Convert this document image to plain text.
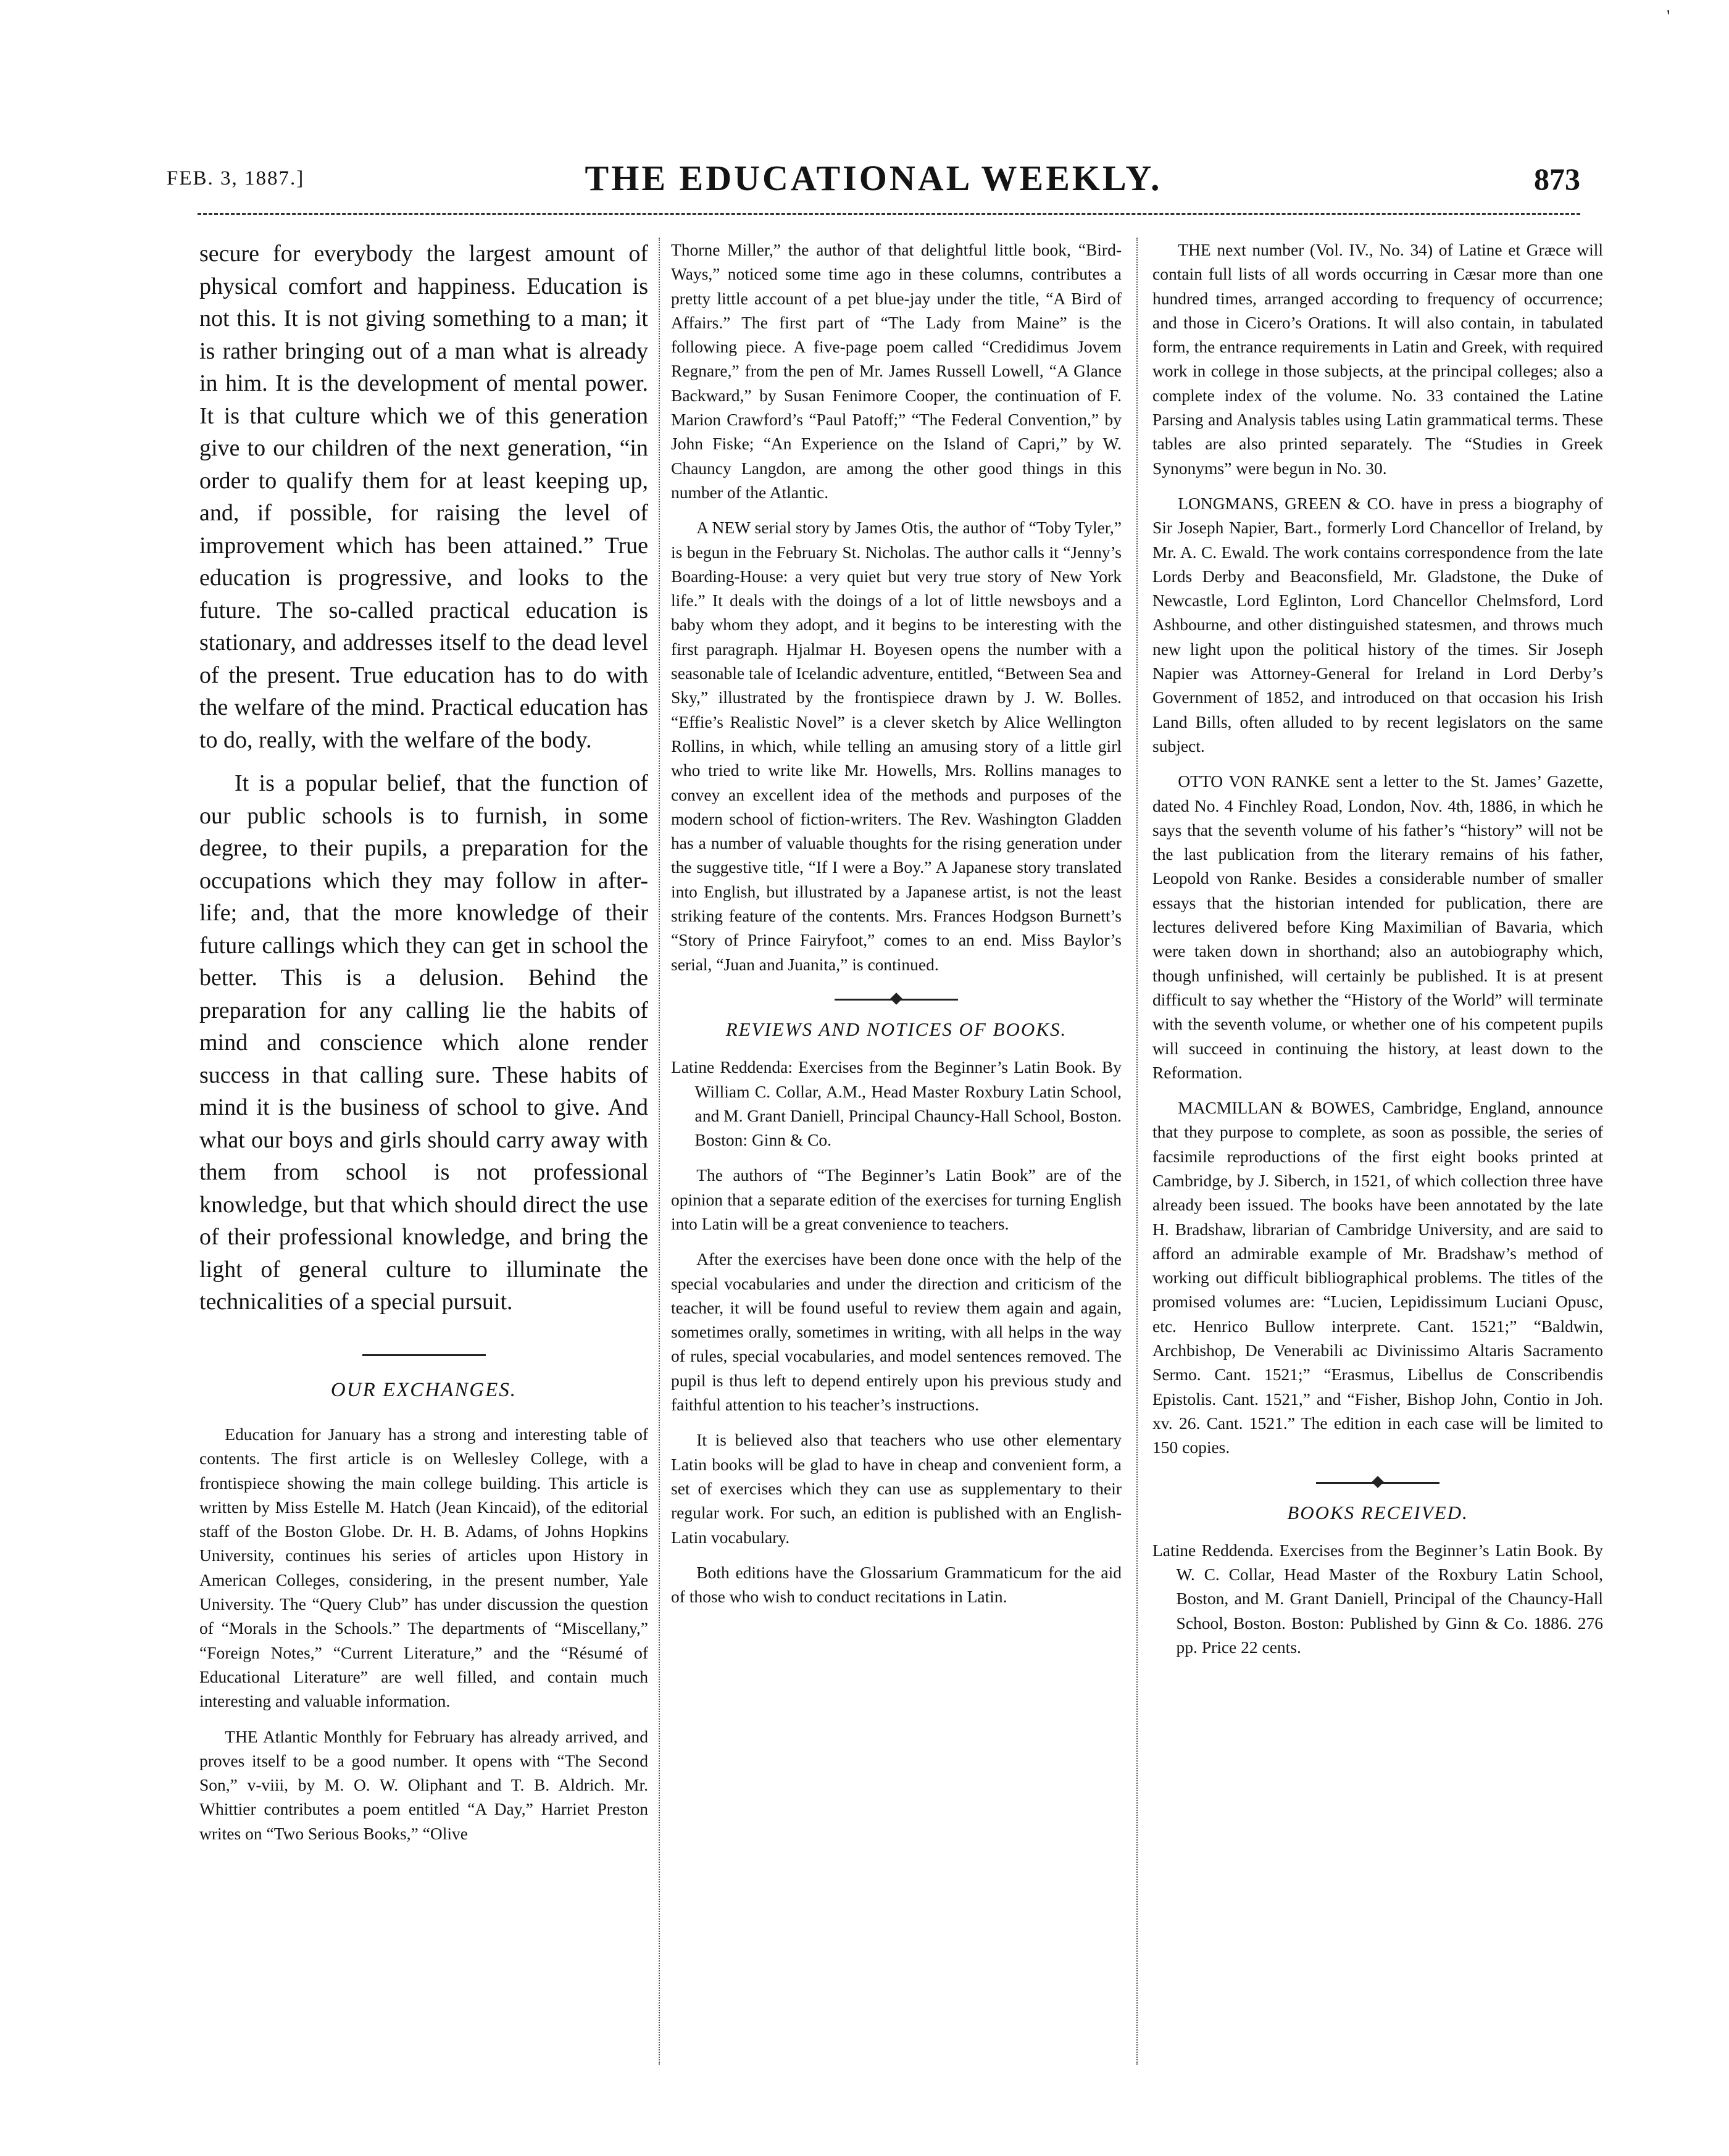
'
FEB. 3, 1887.]	THE EDUCATIONAL WEEKLY.	873

secure for everybody the largest amount of physical comfort and happiness. Education is not this. It is not giving something to a man; it is rather bringing out of a man what is already in him. It is the development of mental power. It is that culture which we of this generation give to our children of the next generation, “in order to qualify them for at least keeping up, and, if possible, for raising the level of improvement which has been attained.” True education is progressive, and looks to the future. The so-called practical education is stationary, and addresses itself to the dead level of the present. True education has to do with the welfare of the mind. Practical education has to do, really, with the welfare of the body.

It is a popular belief, that the function of our public schools is to furnish, in some degree, to their pupils, a preparation for the occupations which they may follow in after-life; and, that the more knowledge of their future callings which they can get in school the better. This is a delusion. Behind the preparation for any calling lie the habits of mind and conscience which alone render success in that calling sure. These habits of mind it is the business of school to give. And what our boys and girls should carry away with them from school is not professional knowledge, but that which should direct the use of their professional knowledge, and bring the light of general culture to illuminate the technicalities of a special pursuit.

OUR EXCHANGES.

Education for January has a strong and interesting table of contents. The first article is on Wellesley College, with a frontispiece showing the main college building. This article is written by Miss Estelle M. Hatch (Jean Kincaid), of the editorial staff of the Boston Globe. Dr. H. B. Adams, of Johns Hopkins University, continues his series of articles upon History in American Colleges, considering, in the present number, Yale University. The “Query Club” has under discussion the question of “Morals in the Schools.” The departments of “Miscellany,” “Foreign Notes,” “Current Literature,” and the “Résumé of Educational Literature” are well filled, and contain much interesting and valuable information.

THE Atlantic Monthly for February has already arrived, and proves itself to be a good number. It opens with “The Second Son,” v-viii, by M. O. W. Oliphant and T. B. Aldrich. Mr. Whittier contributes a poem entitled “A Day,” Harriet Preston writes on “Two Serious Books,” “Olive

Thorne Miller,” the author of that delightful little book, “Bird-Ways,” noticed some time ago in these columns, contributes a pretty little account of a pet blue-jay under the title, “A Bird of Affairs.” The first part of “The Lady from Maine” is the following piece. A five-page poem called “Credidimus Jovem Regnare,” from the pen of Mr. James Russell Lowell, “A Glance Backward,” by Susan Fenimore Cooper, the continuation of F. Marion Crawford’s “Paul Patoff;” “The Federal Convention,” by John Fiske; “An Experience on the Island of Capri,” by W. Chauncy Langdon, are among the other good things in this number of the Atlantic.

A NEW serial story by James Otis, the author of “Toby Tyler,” is begun in the February St. Nicholas. The author calls it “Jenny’s Boarding-House: a very quiet but very true story of New York life.” It deals with the doings of a lot of little newsboys and a baby whom they adopt, and it begins to be interesting with the first paragraph. Hjalmar H. Boyesen opens the number with a seasonable tale of Icelandic adventure, entitled, “Between Sea and Sky,” illustrated by the frontispiece drawn by J. W. Bolles. “Effie’s Realistic Novel” is a clever sketch by Alice Wellington Rollins, in which, while telling an amusing story of a little girl who tried to write like Mr. Howells, Mrs. Rollins manages to convey an excellent idea of the methods and purposes of the modern school of fiction-writers. The Rev. Washington Gladden has a number of valuable thoughts for the rising generation under the suggestive title, “If I were a Boy.” A Japanese story translated into English, but illustrated by a Japanese artist, is not the least striking feature of the contents. Mrs. Frances Hodgson Burnett’s “Story of Prince Fairyfoot,” comes to an end. Miss Baylor’s serial, “Juan and Juanita,” is continued.

REVIEWS AND NOTICES OF BOOKS.

Latine Reddenda: Exercises from the Beginner’s Latin Book. By William C. Collar, A.M., Head Master Roxbury Latin School, and M. Grant Daniell, Principal Chauncy-Hall School, Boston. Boston: Ginn & Co.

The authors of “The Beginner’s Latin Book” are of the opinion that a separate edition of the exercises for turning English into Latin will be a great convenience to teachers.

After the exercises have been done once with the help of the special vocabularies and under the direction and criticism of the teacher, it will be found useful to review them again and again, sometimes orally, sometimes in writing, with all helps in the way of rules, special vocabularies, and model sentences removed. The pupil is thus left to depend entirely upon his previous study and faithful attention to his teacher’s instructions.

It is believed also that teachers who use other elementary Latin books will be glad to have in cheap and convenient form, a set of exercises which they can use as supplementary to their regular work. For such, an edition is published with an English-Latin vocabulary.

Both editions have the Glossarium Grammaticum for the aid of those who wish to conduct recitations in Latin.

THE next number (Vol. IV., No. 34) of Latine et Græce will contain full lists of all words occurring in Cæsar more than one hundred times, arranged according to frequency of occurrence; and those in Cicero’s Orations. It will also contain, in tabulated form, the entrance requirements in Latin and Greek, with required work in college in those subjects, at the principal colleges; also a complete index of the volume. No. 33 contained the Latine Parsing and Analysis tables using Latin grammatical terms. These tables are also printed separately. The “Studies in Greek Synonyms” were begun in No. 30.

LONGMANS, GREEN & CO. have in press a biography of Sir Joseph Napier, Bart., formerly Lord Chancellor of Ireland, by Mr. A. C. Ewald. The work contains correspondence from the late Lords Derby and Beaconsfield, Mr. Gladstone, the Duke of Newcastle, Lord Eglinton, Lord Chancellor Chelmsford, Lord Ashbourne, and other distinguished statesmen, and throws much new light upon the political history of the times. Sir Joseph Napier was Attorney-General for Ireland in Lord Derby’s Government of 1852, and introduced on that occasion his Irish Land Bills, often alluded to by recent legislators on the same subject.

OTTO VON RANKE sent a letter to the St. James’ Gazette, dated No. 4 Finchley Road, London, Nov. 4th, 1886, in which he says that the seventh volume of his father’s “history” will not be the last publication from the literary remains of his father, Leopold von Ranke. Besides a considerable number of smaller essays that the historian intended for publication, there are lectures delivered before King Maximilian of Bavaria, which were taken down in shorthand; also an autobiography which, though unfinished, will certainly be published. It is at present difficult to say whether the “History of the World” will terminate with the seventh volume, or whether one of his competent pupils will succeed in continuing the history, at least down to the Reformation.

MACMILLAN & BOWES, Cambridge, England, announce that they purpose to complete, as soon as possible, the series of facsimile reproductions of the first eight books printed at Cambridge, by J. Siberch, in 1521, of which collection three have already been issued. The books have been annotated by the late H. Bradshaw, librarian of Cambridge University, and are said to afford an admirable example of Mr. Bradshaw’s method of working out difficult bibliographical problems. The titles of the promised volumes are: “Lucien, Lepidissimum Luciani Opusc, etc. Henrico Bullow interprete. Cant. 1521;” “Baldwin, Archbishop, De Venerabili ac Divinissimo Altaris Sacramento Sermo. Cant. 1521;” “Erasmus, Libellus de Conscribendis Epistolis. Cant. 1521,” and “Fisher, Bishop John, Contio in Joh. xv. 26. Cant. 1521.” The edition in each case will be limited to 150 copies.

BOOKS RECEIVED.

Latine Reddenda. Exercises from the Beginner’s Latin Book. By W. C. Collar, Head Master of the Roxbury Latin School, Boston, and M. Grant Daniell, Principal of the Chauncy-Hall School, Boston. Boston: Published by Ginn & Co. 1886. 276 pp. Price 22 cents.
